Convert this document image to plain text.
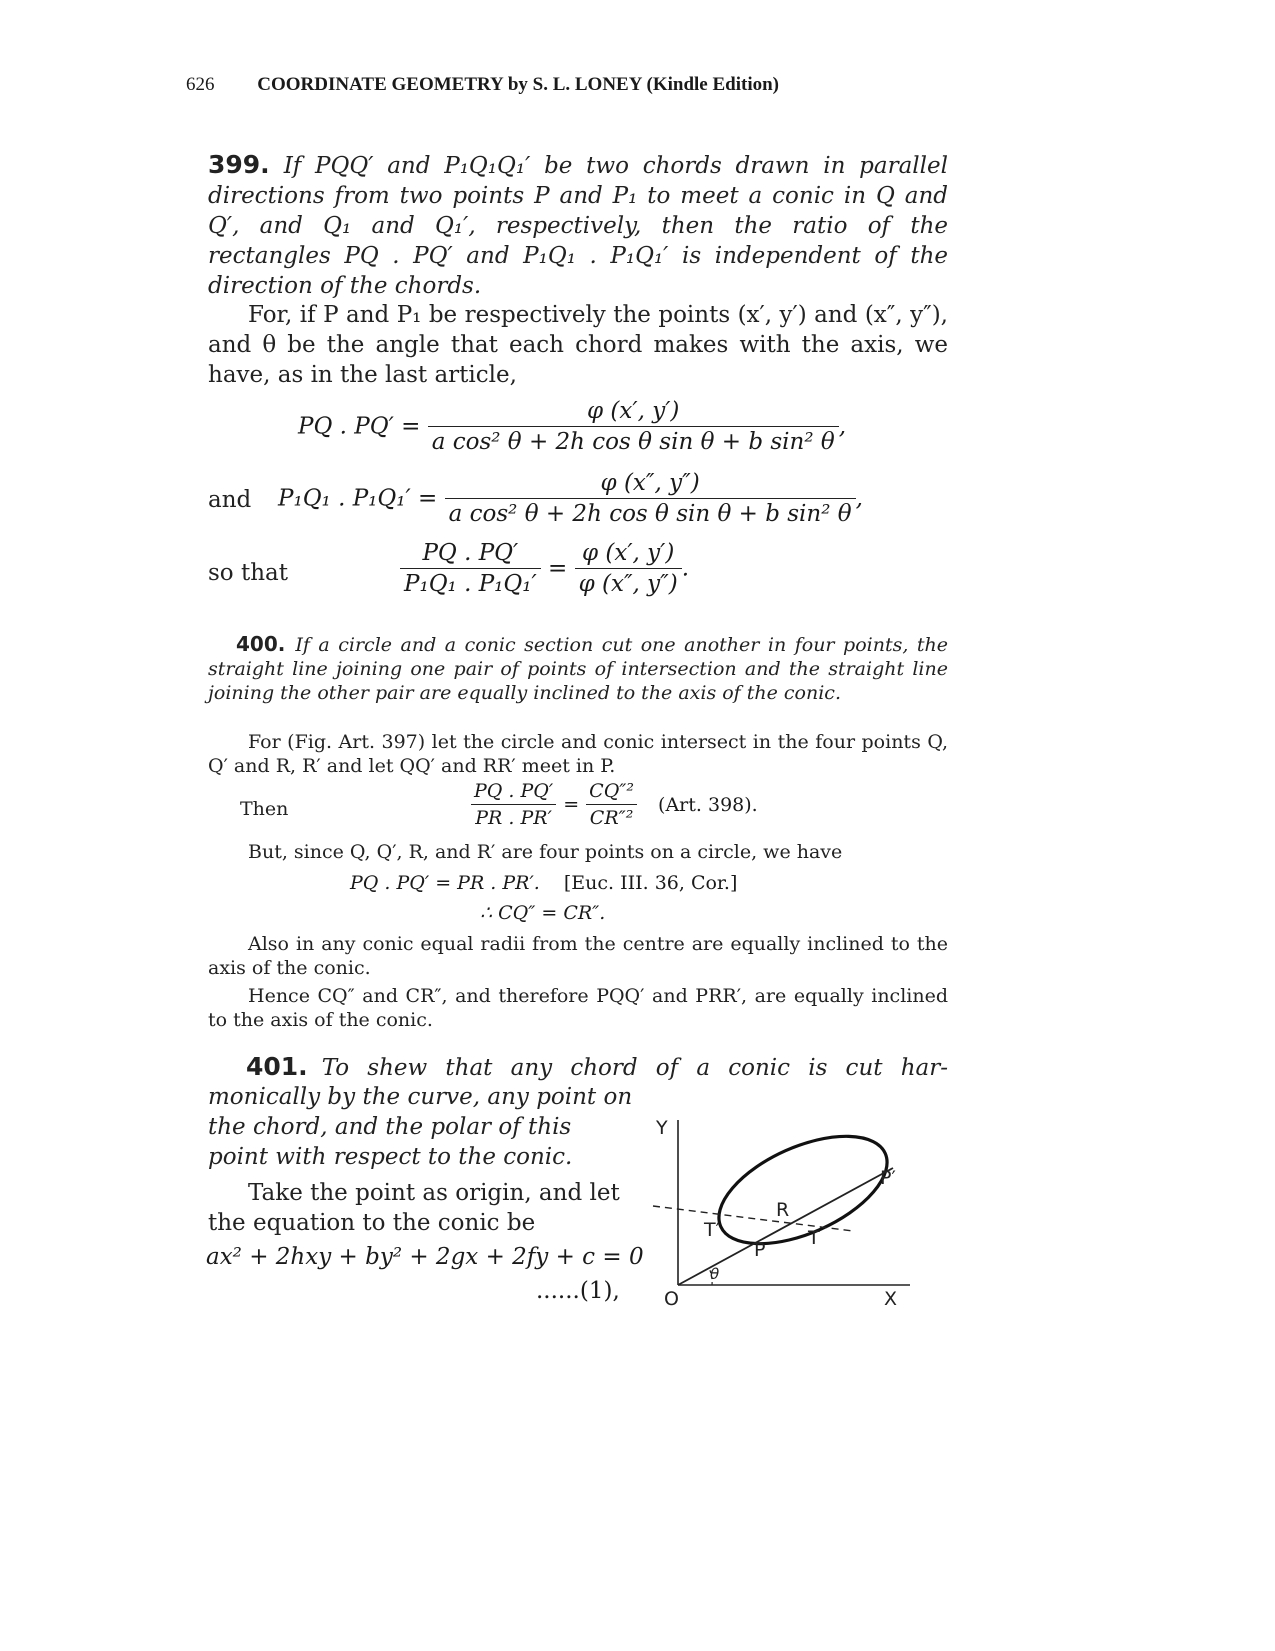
626 COORDINATE GEOMETRY by S. L. LONEY (Kindle Edition)
399. If PQQ′ and P₁Q₁Q₁′ be two chords drawn in parallel directions from two points P and P₁ to meet a conic in Q and Q′, and Q₁ and Q₁′, respectively, then the ratio of the rectangles PQ . PQ′ and P₁Q₁ . P₁Q₁′ is independent of the direction of the chords.
For, if P and P₁ be respectively the points (x′, y′) and (x″, y″), and θ be the angle that each chord makes with the axis, we have, as in the last article,
PQ . $PQ' = \frac{\varphi (x', y')}{\text{a cos² θ + 2h cos θ sin θ + b sin² θ}}$ ,
and P₁Q₁ . $P_1Q_1' = \frac{\varphi (x'', y'')}{\text{a cos² θ + 2h cos θ sin θ + b sin² θ}}$ ,
so that	$\frac{PQ . PQ'}{\text{P₁Q₁ . P₁Q₁′}} = \frac{\varphi (x', y')}{\varphi (x'', y'')}$ .
400. If a circle and a conic section cut one another in four points, the straight line joining one pair of points of intersection and the straight line joining the other pair are equally inclined to the axis of the conic.
For (Fig. Art. 397) let the circle and conic intersect in the four points Q, Q′ and R, R′ and let QQ′ and RR′ meet in P.
Then	$\frac{PQ . PQ'}{PR . PR'} = \frac{\text{CQ″²}}{\text{CR″²}} (Art$. 398).
But, since Q, Q′, R, and R′ are four points on a circle, we have
PQ . PQ′ = PR . PR′. [Euc. III. 36, Cor.]
∴ CQ″ = CR″.
Also in any conic equal radii from the centre are equally inclined to the axis of the conic.
Hence CQ″ and CR″, and therefore PQQ′ and PRR′, are equally inclined to the axis of the conic.
401. To shew that any chord of a conic is cut har-
monically by the curve, any point on the chord, and the polar of this point with respect to the conic.
Take the point as origin, and let the equation to the conic be
ax² + 2hxy + by² + 2gx + 2fy + c = 0
......(1),
Y
X
O
P
P′
R
T
T′
θ
